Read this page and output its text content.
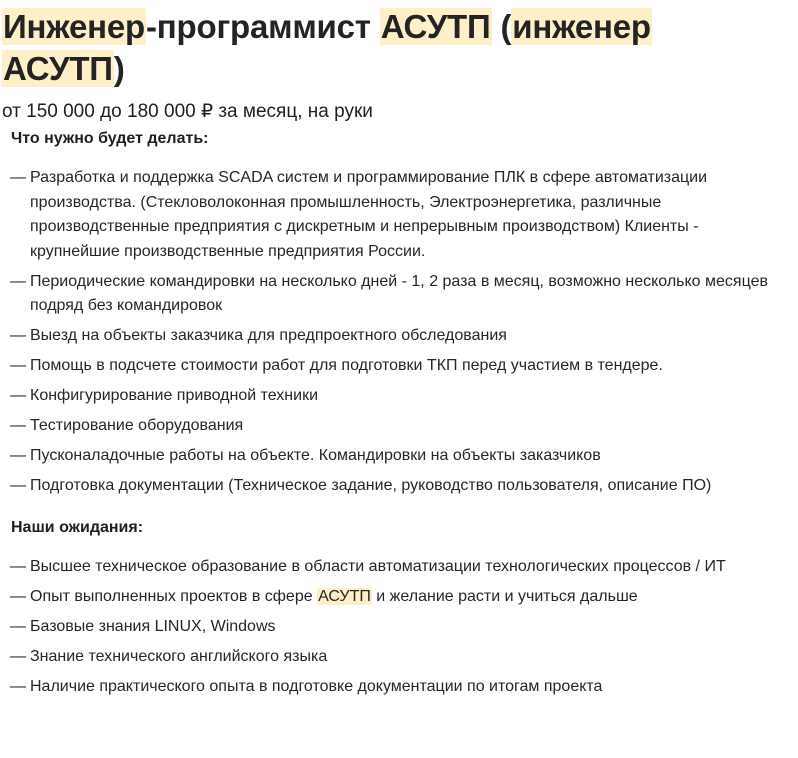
Инженер-программист АСУТП (инженер
АСУТП)
от 150 000 до 180 000 ₽ за месяц, на руки
Что нужно будет делать:
— Разработка и поддержка SCADA систем и программирование ПЛК в сфере автоматизации производства. (Стекловолоконная промышленность, Электроэнергетика, различные производственные предприятия с дискретным и непрерывным производством) Клиенты - крупнейшие производственные предприятия России.
— Периодические командировки на несколько дней - 1, 2 раза в месяц, возможно несколько месяцев подряд без командировок
— Выезд на объекты заказчика для предпроектного обследования
— Помощь в подсчете стоимости работ для подготовки ТКП перед участием в тендере.
— Конфигурирование приводной техники
— Тестирование оборудования
— Пусконаладочные работы на объекте. Командировки на объекты заказчиков
— Подготовка документации (Техническое задание, руководство пользователя, описание ПО)
Наши ожидания:
— Высшее техническое образование в области автоматизации технологических процессов / ИТ
— Опыт выполненных проектов в сфере АСУТП и желание расти и учиться дальше
— Базовые знания LINUX, Windows
— Знание технического английского языка
— Наличие практического опыта в подготовке документации по итогам проекта
